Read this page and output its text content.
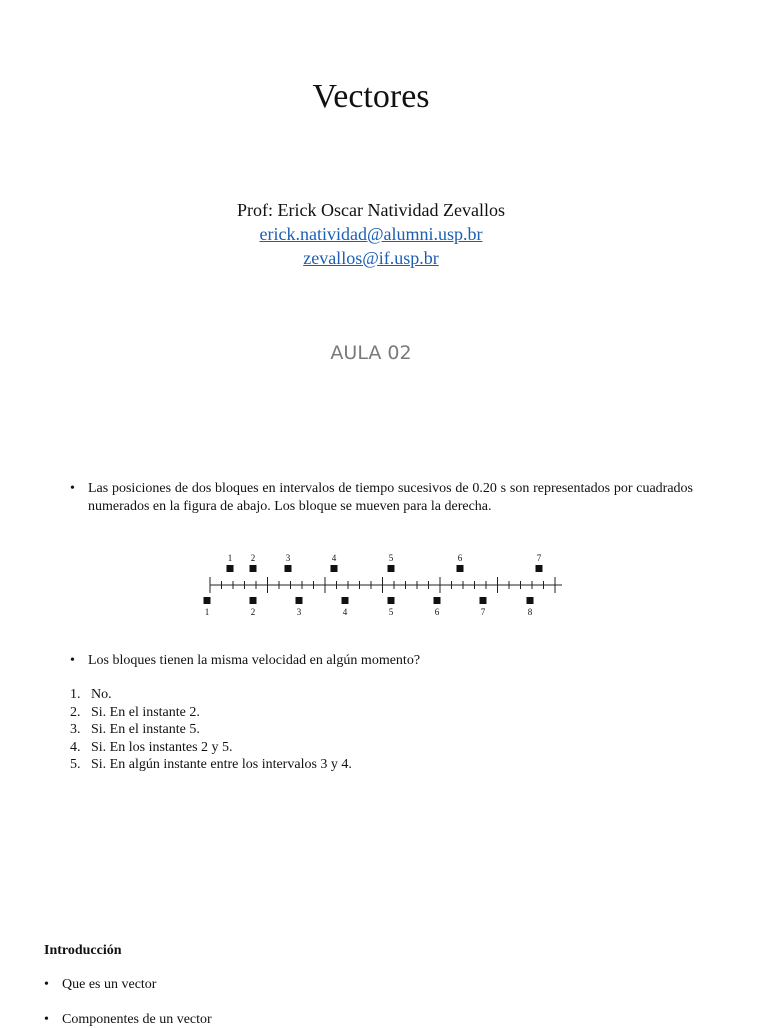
Vectores
Prof: Erick Oscar Natividad Zevallos
erick.natividad@alumni.usp.br
zevallos@if.usp.br
AULA 02
• Las posiciones de dos bloques en intervalos de tiempo sucesivos de 0.20 s son representados por cuadrados numerados en la figura de abajo. Los bloque se mueven para la derecha.
1 2	3	4	5	6	7
1	2	3	4	5	6	7	8
• Los bloques tienen la misma velocidad en algún momento?
1. No.
2. Si. En el instante 2.
3. Si. En el instante 5.
4. Si. En los instantes 2 y 5.
5. Si. En algún instante entre los intervalos 3 y 4.
Introducción
• Que es un vector
• Componentes de un vector
